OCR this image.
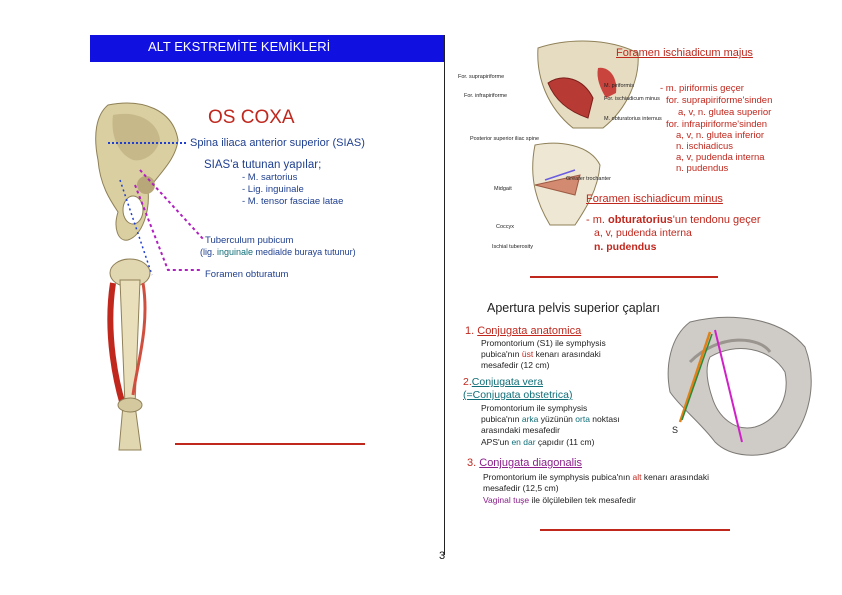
ALT EKSTREMİTE KEMİKLERİ
3
OS COXA
Spina iliaca anterior superior (SIAS)
SIAS'a tutunan yapılar;
- M. sartorius
- Lig. inguinale
- M. tensor fasciae latae
Tuberculum pubicum
(lig. inguinale medialde buraya tutunur)
Foramen obturatum
For. suprapiriforme
For. infrapiriforme
M. piriformis
For. ischiadicum minus
M. obturatorius internus
Posterior superior iliac spine
Greater trochanter
Midgait
Coccyx
Ischial tuberosity
Foramen ischiadicum majus
- m. piriformis geçer
for. suprapiriforme'sinden
a, v, n. glutea superior
for. infrapiriforme'sinden
a, v, n. glutea inferior
n. ischiadicus
a, v, pudenda interna
n. pudendus
Foramen ischiadicum minus
- m. obturatorius'un tendonu geçer
a, v, pudenda interna
n. pudendus
Apertura pelvis superior çapları
S
1. Conjugata anatomica
Promontorium (S1) ile symphysis
pubica'nın üst kenarı arasındaki
mesafedir (12 cm)
2.Conjugata vera
(=Conjugata obstetrica)
Promontorium ile symphysis
pubica'nın arka yüzünün orta noktası
arasındaki mesafedir
APS'un en dar çapıdır (11 cm)
3. Conjugata diagonalis
Promontorium ile symphysis pubica'nın alt kenarı arasındaki
mesafedir (12,5 cm)
Vaginal tuşe ile ölçülebilen tek mesafedir
